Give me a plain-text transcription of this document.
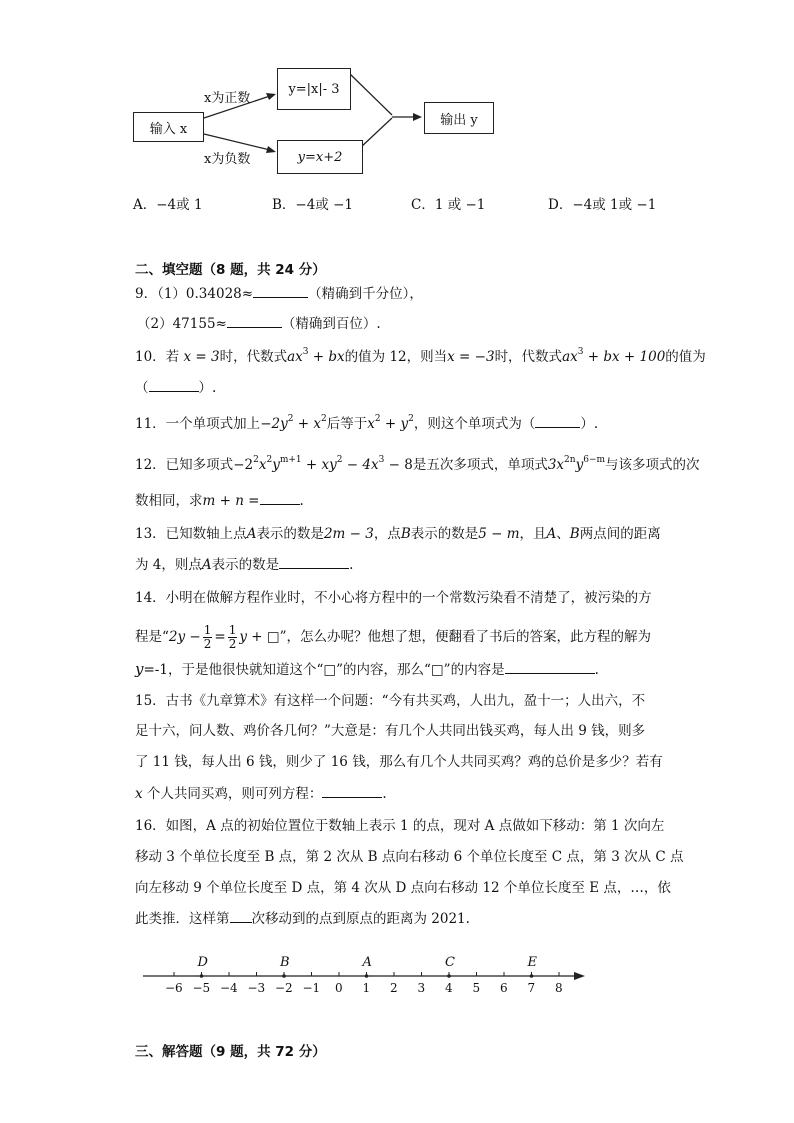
输入 x
x为正数
x为负数
y=|x|- 3
y=x+2
输出 y
A．−4或 1	B．−4或 −1	C．1 或 −1	D．−4或 1或 −1
二、填空题（8 题，共 24 分）
9．（1）0.34028≈	（精确到千分位），
（2）47155≈	（精确到百位）.
10．若 x = 3时，代数式$ax^3$ + bx的值为 12，则当x = −3时，代数式$ax^3$ + bx + 100的值为
（	）.
11．一个单项式加上$-2y^2 + x^2$后等于$x^2 + y^2$，则这个单项式为（	）.
12．已知多项式$-2^2x^2y^{m+1} + xy^2 - 4x^3 - 8$是五次多项式，单项式$3x^{2n}y^{6-m}$与该多项式的次
数相同，求m + n =	.
13．已知数轴上点A表示的数是2m − 3，点B表示的数是5 − m，且A、B两点间的距离
为 4，则点A表示的数是	.
14．小明在做解方程作业时，不小心将方程中的一个常数污染看不清楚了，被污染的方
程是“$2y - \frac{1}{2} = \frac{1}{2}$ y + □”，怎么办呢？他想了想，便翻看了书后的答案，此方程的解为
y=-1，于是他很快就知道这个“□”的内容，那么“□”的内容是	.
15．古书《九章算术》有这样一个问题：“今有共买鸡，人出九，盈十一；人出六，不
足十六，问人数、鸡价各几何？”大意是：有几个人共同出钱买鸡，每人出 9 钱，则多
了 11 钱，每人出 6 钱，则少了 16 钱，那么有几个人共同买鸡？鸡的总价是多少？若有
x 个人共同买鸡，则可列方程：	.
16．如图，A 点的初始位置位于数轴上表示 1 的点，现对 A 点做如下移动：第 1 次向左
移动 3 个单位长度至 B 点，第 2 次从 B 点向右移动 6 个单位长度至 C 点，第 3 次从 C 点
向左移动 9 个单位长度至 D 点，第 4 次从 D 点向右移动 12 个单位长度至 E 点，…，依
此类推．这样第 次移动到的点到原点的距离为 2021.
−6 −5 −4 −3 −2 −1 0 1 2 3 4 5 6 7 8
D	B	A	C	E
三、解答题（9 题，共 72 分）
